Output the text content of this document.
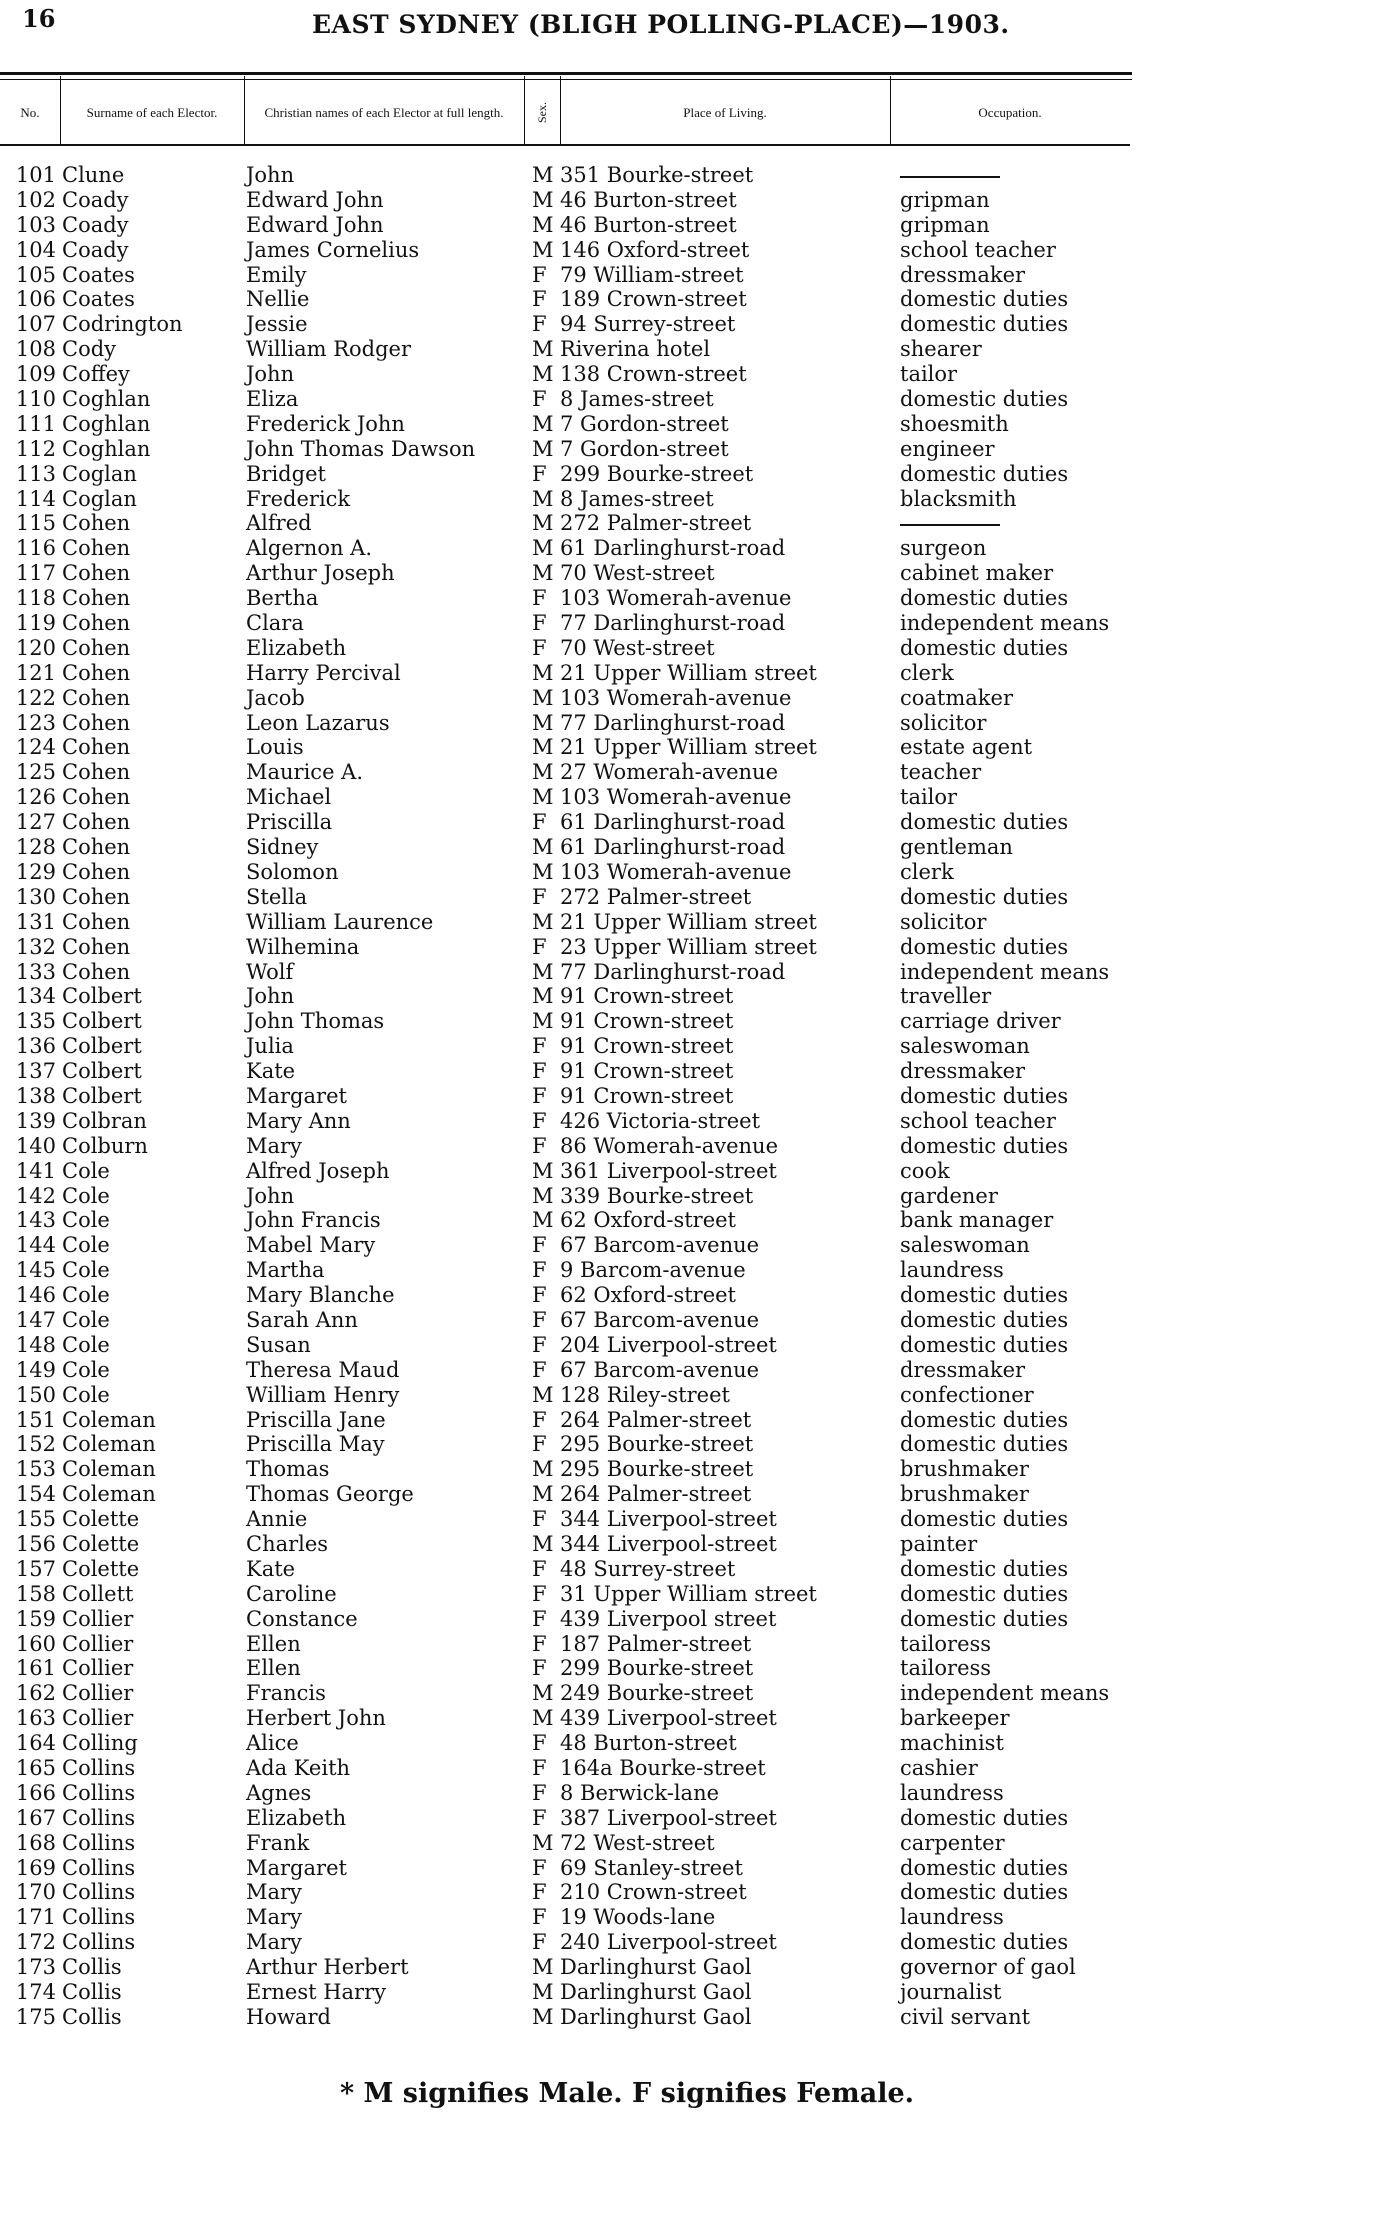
16	EAST SYDNEY (BLIGH POLLING-PLACE)—1903.
No.	Surname of each Elector.	Christian names of each Elector at full length.	Sex.	Place of Living.	Occupation.
101 Clune	John	M 351 Bourke-street
102 Coady	Edward John	M 46 Burton-street	gripman
103 Coady	Edward John	M 46 Burton-street	gripman
104 Coady	James Cornelius	M 146 Oxford-street	school teacher
105 Coates	Emily	F 79 William-street	dressmaker
106 Coates	Nellie	F 189 Crown-street	domestic duties
107 Codrington	Jessie	F 94 Surrey-street	domestic duties
108 Cody	William Rodger	M Riverina hotel	shearer
109 Coffey	John	M 138 Crown-street	tailor
110 Coghlan	Eliza	F 8 James-street	domestic duties
111 Coghlan	Frederick John	M 7 Gordon-street	shoesmith
112 Coghlan	John Thomas Dawson	M 7 Gordon-street	engineer
113 Coglan	Bridget	F 299 Bourke-street	domestic duties
114 Coglan	Frederick	M 8 James-street	blacksmith
115 Cohen	Alfred	M 272 Palmer-street
116 Cohen	Algernon A.	M 61 Darlinghurst-road	surgeon
117 Cohen	Arthur Joseph	M 70 West-street	cabinet maker
118 Cohen	Bertha	F 103 Womerah-avenue	domestic duties
119 Cohen	Clara	F 77 Darlinghurst-road	independent means
120 Cohen	Elizabeth	F 70 West-street	domestic duties
121 Cohen	Harry Percival	M 21 Upper William street	clerk
122 Cohen	Jacob	M 103 Womerah-avenue	coatmaker
123 Cohen	Leon Lazarus	M 77 Darlinghurst-road	solicitor
124 Cohen	Louis	M 21 Upper William street	estate agent
125 Cohen	Maurice A.	M 27 Womerah-avenue	teacher
126 Cohen	Michael	M 103 Womerah-avenue	tailor
127 Cohen	Priscilla	F 61 Darlinghurst-road	domestic duties
128 Cohen	Sidney	M 61 Darlinghurst-road	gentleman
129 Cohen	Solomon	M 103 Womerah-avenue	clerk
130 Cohen	Stella	F 272 Palmer-street	domestic duties
131 Cohen	William Laurence	M 21 Upper William street	solicitor
132 Cohen	Wilhemina	F 23 Upper William street	domestic duties
133 Cohen	Wolf	M 77 Darlinghurst-road	independent means
134 Colbert	John	M 91 Crown-street	traveller
135 Colbert	John Thomas	M 91 Crown-street	carriage driver
136 Colbert	Julia	F 91 Crown-street	saleswoman
137 Colbert	Kate	F 91 Crown-street	dressmaker
138 Colbert	Margaret	F 91 Crown-street	domestic duties
139 Colbran	Mary Ann	F 426 Victoria-street	school teacher
140 Colburn	Mary	F 86 Womerah-avenue	domestic duties
141 Cole	Alfred Joseph	M 361 Liverpool-street	cook
142 Cole	John	M 339 Bourke-street	gardener
143 Cole	John Francis	M 62 Oxford-street	bank manager
144 Cole	Mabel Mary	F 67 Barcom-avenue	saleswoman
145 Cole	Martha	F 9 Barcom-avenue	laundress
146 Cole	Mary Blanche	F 62 Oxford-street	domestic duties
147 Cole	Sarah Ann	F 67 Barcom-avenue	domestic duties
148 Cole	Susan	F 204 Liverpool-street	domestic duties
149 Cole	Theresa Maud	F 67 Barcom-avenue	dressmaker
150 Cole	William Henry	M 128 Riley-street	confectioner
151 Coleman	Priscilla Jane	F 264 Palmer-street	domestic duties
152 Coleman	Priscilla May	F 295 Bourke-street	domestic duties
153 Coleman	Thomas	M 295 Bourke-street	brushmaker
154 Coleman	Thomas George	M 264 Palmer-street	brushmaker
155 Colette	Annie	F 344 Liverpool-street	domestic duties
156 Colette	Charles	M 344 Liverpool-street	painter
157 Colette	Kate	F 48 Surrey-street	domestic duties
158 Collett	Caroline	F 31 Upper William street	domestic duties
159 Collier	Constance	F 439 Liverpool street	domestic duties
160 Collier	Ellen	F 187 Palmer-street	tailoress
161 Collier	Ellen	F 299 Bourke-street	tailoress
162 Collier	Francis	M 249 Bourke-street	independent means
163 Collier	Herbert John	M 439 Liverpool-street	barkeeper
164 Colling	Alice	F 48 Burton-street	machinist
165 Collins	Ada Keith	F 164a Bourke-street	cashier
166 Collins	Agnes	F 8 Berwick-lane	laundress
167 Collins	Elizabeth	F 387 Liverpool-street	domestic duties
168 Collins	Frank	M 72 West-street	carpenter
169 Collins	Margaret	F 69 Stanley-street	domestic duties
170 Collins	Mary	F 210 Crown-street	domestic duties
171 Collins	Mary	F 19 Woods-lane	laundress
172 Collins	Mary	F 240 Liverpool-street	domestic duties
173 Collis	Arthur Herbert	M Darlinghurst Gaol	governor of gaol
174 Collis	Ernest Harry	M Darlinghurst Gaol	journalist
175 Collis	Howard	M Darlinghurst Gaol	civil servant
* M signifies Male. F signifies Female.
